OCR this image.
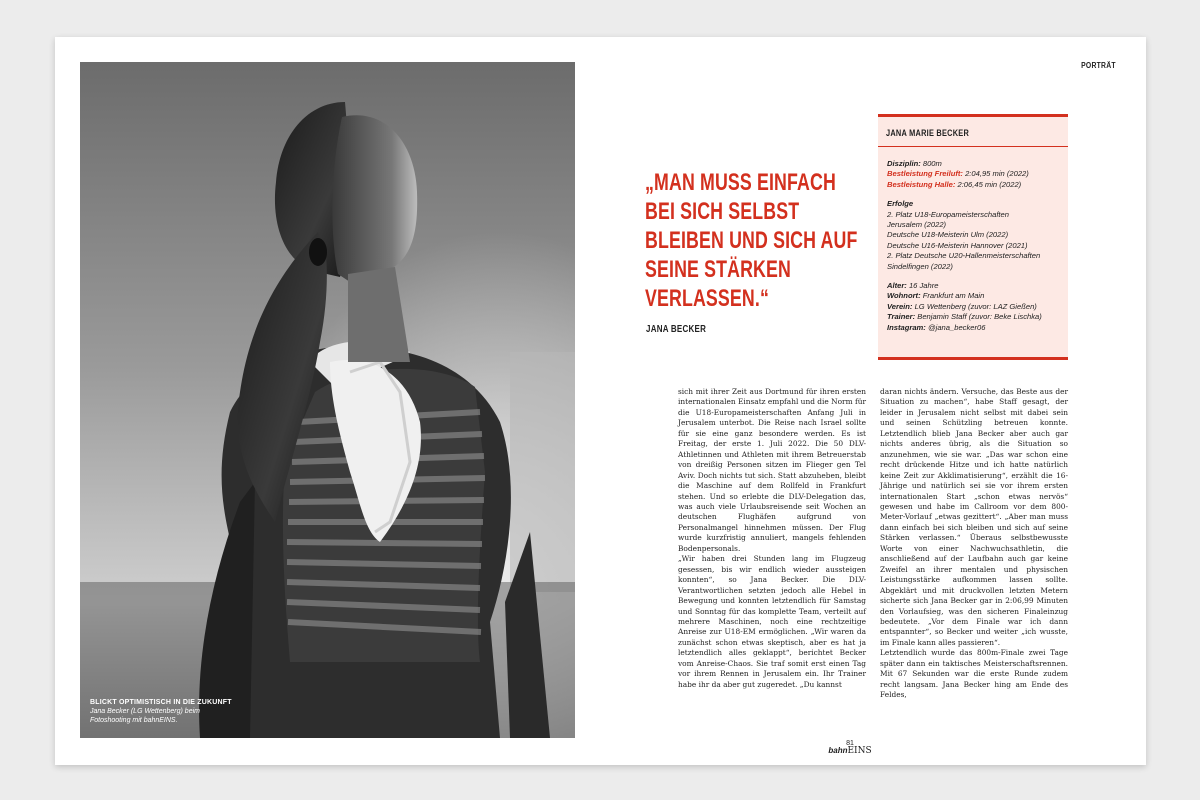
BLICKT OPTIMISTISCH IN DIE ZUKUNFT
Jana Becker (LG Wettenberg) beim
Fotoshooting mit bahnEINS.
PORTRÄT
„MAN MUSS EINFACH BEI SICH SELBST BLEIBEN UND SICH AUF SEINE STÄRKEN VERLASSEN.“
JANA BECKER
JANA MARIE BECKER
Disziplin: 800m
Bestleistung Freiluft: 2:04,95 min (2022)
Bestleistung Halle: 2:06,45 min (2022)
Erfolge
2. Platz U18-Europameisterschaften
Jerusalem (2022)
Deutsche U18-Meisterin Ulm (2022)
Deutsche U16-Meisterin Hannover (2021)
2. Platz Deutsche U20-Hallenmeisterschaften
Sindelfingen (2022)
Alter: 16 Jahre
Wohnort: Frankfurt am Main
Verein: LG Wettenberg (zuvor: LAZ Gießen)
Trainer: Benjamin Staff (zuvor: Beke Lischka)
Instagram: @jana_becker06

sich mit ihrer Zeit aus Dortmund für ihren ersten internationalen Einsatz empfahl und die Norm für die U18-Europameisterschaften Anfang Juli in Jerusalem unterbot. Die Reise nach Israel sollte für sie eine ganz besondere werden. Es ist Freitag, der erste 1. Juli 2022. Die 50 DLV-Athletinnen und Athleten mit ihrem Betreuerstab von dreißig Personen sitzen im Flieger gen Tel Aviv. Doch nichts tut sich. Statt abzuheben, bleibt die Maschine auf dem Rollfeld in Frankfurt stehen. Und so erlebte die DLV-Delegation das, was auch viele Urlaubsreisende seit Wochen an deutschen Flughäfen aufgrund von Personalmangel hinnehmen müssen. Der Flug wurde kurzfristig annuliert, mangels fehlenden Bodenpersonals.

„Wir haben drei Stunden lang im Flugzeug gesessen, bis wir endlich wieder aussteigen konnten“, so Jana Becker. Die DLV-Verantwortlichen setzten jedoch alle Hebel in Bewegung und konnten letztendlich für Samstag und Sonntag für das komplette Team, verteilt auf mehrere Maschinen, noch eine rechtzeitige Anreise zur U18-EM ermöglichen. „Wir waren da zunächst schon etwas skeptisch, aber es hat ja letztendlich alles geklappt“, berichtet Becker vom Anreise-Chaos. Sie traf somit erst einen Tag vor ihrem Rennen in Jerusalem ein. Ihr Trainer habe ihr da aber gut zugeredet. „Du kannst

daran nichts ändern. Versuche, das Beste aus der Situation zu machen“, habe Staff gesagt, der leider in Jerusalem nicht selbst mit dabei sein und seinen Schützling betreuen konnte. Letztendlich blieb Jana Becker aber auch gar nichts anderes übrig, als die Situation so anzunehmen, wie sie war. „Das war schon eine recht drückende Hitze und ich hatte natürlich keine Zeit zur Akklimatisierung“, erzählt die 16-Jährige und natürlich sei sie vor ihrem ersten internationalen Start „schon etwas nervös“ gewesen und habe im Callroom vor dem 800-Meter-Vorlauf „etwas gezittert“. „Aber man muss dann einfach bei sich bleiben und sich auf seine Stärken verlassen.“ Überaus selbstbewusste Worte von einer Nachwuchsathletin, die anschließend auf der Laufbahn auch gar keine Zweifel an ihrer mentalen und physischen Leistungsstärke aufkommen lassen sollte. Abgeklärt und mit druckvollen letzten Metern sicherte sich Jana Becker gar in 2:06,99 Minuten den Vorlaufsieg, was den sicheren Finaleinzug bedeutete. „Vor dem Finale war ich dann entspannter“, so Becker und weiter „ich wusste, im Finale kann alles passieren“.

Letztendlich wurde das 800m-Finale zwei Tage später dann ein taktisches Meisterschaftsrennen. Mit 67 Sekunden war die erste Runde zudem recht langsam. Jana Becker hing am Ende des Feldes,

81
bahnEINS
